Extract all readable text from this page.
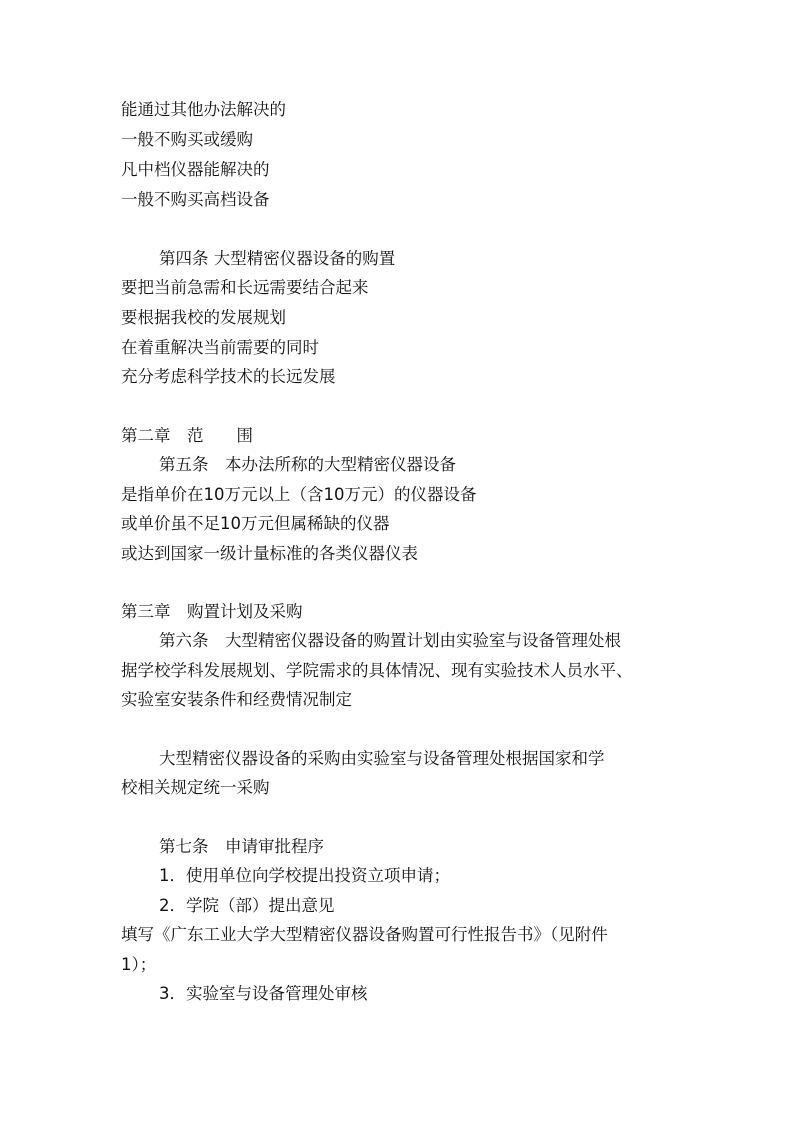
能通过其他办法解决的
一般不购买或缓购
凡中档仪器能解决的
一般不购买高档设备
第四条 大型精密仪器设备的购置
要把当前急需和长远需要结合起来
要根据我校的发展规划
在着重解决当前需要的同时
充分考虑科学技术的长远发展
第二章　范　　围
第五条　本办法所称的大型精密仪器设备
是指单价在10万元以上（含10万元）的仪器设备
或单价虽不足10万元但属稀缺的仪器
或达到国家一级计量标准的各类仪器仪表
第三章　购置计划及采购
第六条　大型精密仪器设备的购置计划由实验室与设备管理处根
据学校学科发展规划、学院需求的具体情况、现有实验技术人员水平、
实验室安装条件和经费情况制定
大型精密仪器设备的采购由实验室与设备管理处根据国家和学
校相关规定统一采购
第七条　申请审批程序
1．使用单位向学校提出投资立项申请；
2．学院（部）提出意见
填写《广东工业大学大型精密仪器设备购置可行性报告书》（见附件
1）；
3．实验室与设备管理处审核
